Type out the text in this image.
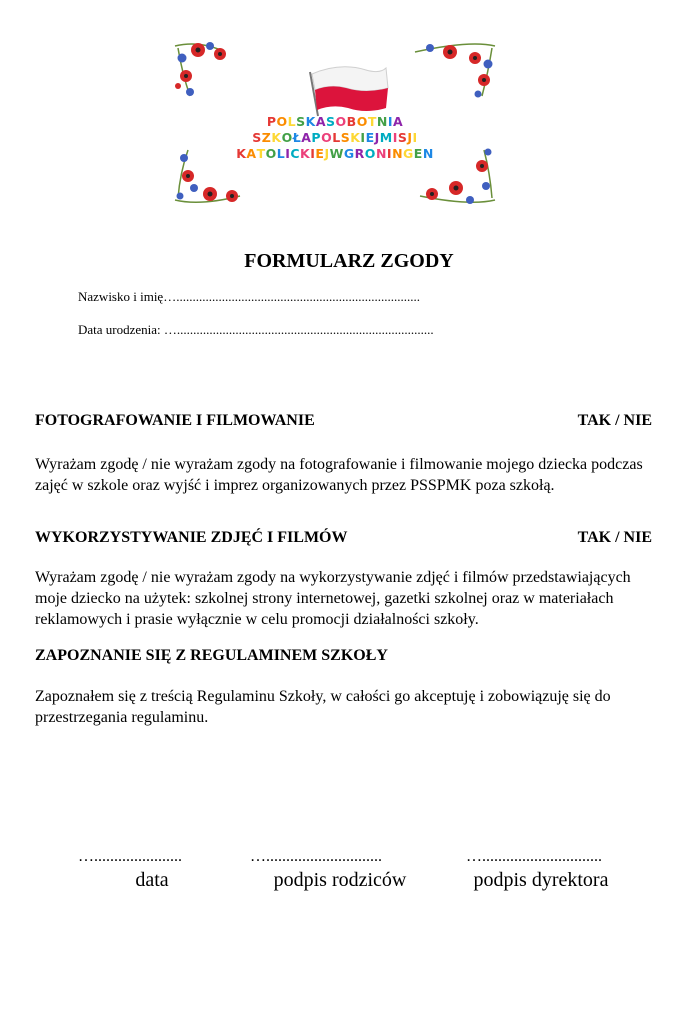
POLSKASOBOTNIA
SZKOŁAPOLSKIEJMISJI
KATOLICKIEJWGRONINGEN
FORMULARZ ZGODY
Nazwisko i imię…...........................................................................
Data urodzenia: …...............................................................................
FOTOGRAFOWANIE I FILMOWANIE	TAK / NIE
Wyrażam zgodę / nie wyrażam zgody na fotografowanie i filmowanie mojego dziecka podczas zajęć w szkole oraz wyjść i imprez organizowanych przez PSSPMK poza szkołą.
WYKORZYSTYWANIE ZDJĘĆ I FILMÓW	TAK / NIE
Wyrażam zgodę / nie wyrażam zgody na wykorzystywanie zdjęć i filmów przedstawiających moje dziecko na użytek: szkolnej strony internetowej, gazetki szkolnej oraz w materiałach reklamowych i prasie wyłącznie w celu promocji działalności szkoły.
ZAPOZNANIE SIĘ Z REGULAMINEM SZKOŁY
Zapoznałem się z treścią Regulaminu Szkoły, w całości go akceptuję i zobowiązuję się do przestrzegania regulaminu.
…......................
data
….............................
podpis rodziców
…..............................
podpis dyrektora
